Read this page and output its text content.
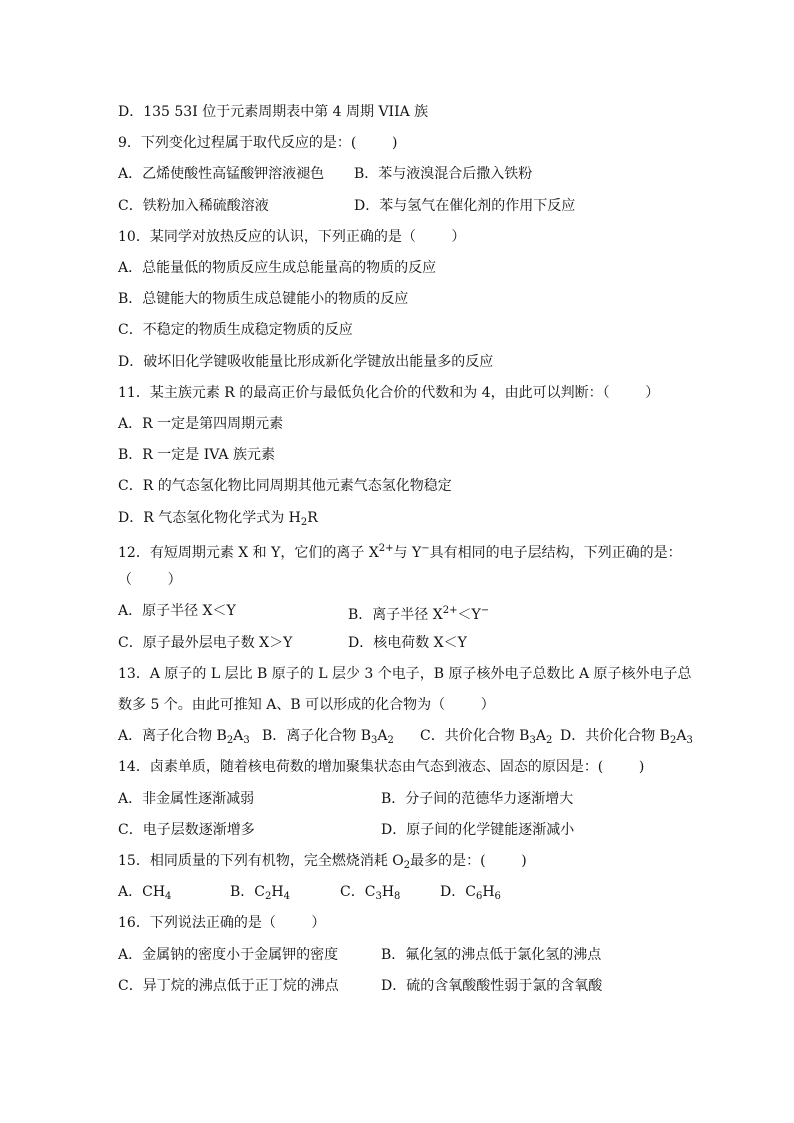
D．135 53I 位于元素周期表中第 4 周期 VIIA 族
9．下列变化过程属于取代反应的是：(        )
A．乙烯使酸性高锰酸钾溶液褪色 B．苯与液溴混合后撒入铁粉
C．铁粉加入稀硫酸溶液	D．苯与氢气在催化剂的作用下反应
10．某同学对放热反应的认识，下列正确的是（        ）
A．总能量低的物质反应生成总能量高的物质的反应
B．总键能大的物质生成总键能小的物质的反应
C．不稳定的物质生成稳定物质的反应
D．破坏旧化学键吸收能量比形成新化学键放出能量多的反应
11．某主族元素 R 的最高正价与最低负化合价的代数和为 4，由此可以判断：（        ）
A．R 一定是第四周期元素
B．R 一定是 IVA 族元素
C．R 的气态氢化物比同周期其他元素气态氢化物稳定
D．R 气态氢化物化学式为 $H_2R$
12．有短周期元素 X 和 Y，它们的离子 $X^{2+}$与 Y−具有相同的电子层结构，下列正确的是：
（        ）
A．原子半径 X＜Y	B．离子半径 $X^{2+}<Y^-$
C．原子最外层电子数 X＞Y	D．核电荷数 X＜Y
13．A 原子的 L 层比 B 原子的 L 层少 3 个电子，B 原子核外电子总数比 A 原子核外电子总
数多 5 个。由此可推知 A、B 可以形成的化合物为（        ）
A．离子化合物 $B_2A_3$ B．离子化合物 $B_3A_2$ C．共价化合物 $B_3A_2$ D．共价化合物 $B_2A_3$
14．卤素单质，随着核电荷数的增加聚集状态由气态到液态、固态的原因是：(        )
A．非金属性逐渐减弱	B．分子间的范德华力逐渐增大
C．电子层数逐渐增多	D．原子间的化学键能逐渐减小
15．相同质量的下列有机物，完全燃烧消耗 $O_2$最多的是：(        )
A．$CH_4$	B．$C_2H_4$	C．$C_3H_8$	D．$C_6H_6$
16．下列说法正确的是（        ）
A．金属钠的密度小于金属钾的密度	B．氟化氢的沸点低于氯化氢的沸点
C．异丁烷的沸点低于正丁烷的沸点	D．硫的含氧酸酸性弱于氯的含氧酸
